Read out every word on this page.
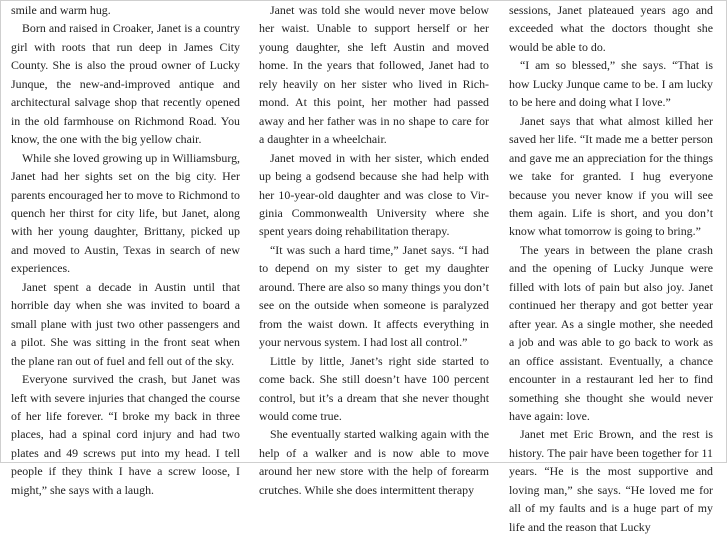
smile and warm hug.

Born and raised in Croaker, Janet is a country girl with roots that run deep in James City County. She is also the proud owner of Lucky Junque, the new-and-improved antique and architectural salvage shop that recently opened in the old farmhouse on Richmond Road. You know, the one with the big yellow chair.

While she loved growing up in Williamsburg, Janet had her sights set on the big city. Her parents encouraged her to move to Richmond to quench her thirst for city life, but Janet, along with her young daughter, Brittany, picked up and moved to Austin, Texas in search of new experiences.

Janet spent a decade in Austin until that horrible day when she was invited to board a small plane with just two other passengers and a pilot. She was sitting in the front seat when the plane ran out of fuel and fell out of the sky.

Everyone survived the crash, but Janet was left with severe injuries that changed the course of her life forever. “I broke my back in three places, had a spinal cord injury and had two plates and 49 screws put into my head. I tell people if they think I have a screw loose, I might,” she says with a laugh.

Janet was told she would never move below her waist. Unable to support herself or her young daughter, she left Austin and moved home. In the years that followed, Janet had to rely heavily on her sister who lived in Richmond. At this point, her mother had passed away and her father was in no shape to care for a daughter in a wheelchair.

Janet moved in with her sister, which ended up being a godsend because she had help with her 10-year-old daughter and was close to Virginia Commonwealth University where she spent years doing rehabilitation therapy.

“It was such a hard time,” Janet says. “I had to depend on my sister to get my daughter around. There are also so many things you don’t see on the outside when someone is paralyzed from the waist down. It affects everything in your nervous system. I had lost all control.”

Little by little, Janet’s right side started to come back. She still doesn’t have 100 percent control, but it’s a dream that she never thought would come true.

She eventually started walking again with the help of a walker and is now able to move around her new store with the help of forearm crutches. While she does intermittent therapy

sessions, Janet plateaued years ago and exceeded what the doctors thought she would be able to do.

“I am so blessed,” she says. “That is how Lucky Junque came to be. I am lucky to be here and doing what I love.”

Janet says that what almost killed her saved her life. “It made me a better person and gave me an appreciation for the things we take for granted. I hug everyone because you never know if you will see them again. Life is short, and you don’t know what tomorrow is going to bring.”

The years in between the plane crash and the opening of Lucky Junque were filled with lots of pain but also joy. Janet continued her therapy and got better year after year. As a single mother, she needed a job and was able to go back to work as an office assistant. Eventually, a chance encounter in a restaurant led her to find something she thought she would never have again: love.

Janet met Eric Brown, and the rest is history. The pair have been together for 11 years. “He is the most supportive and loving man,” she says. “He loved me for all of my faults and is a huge part of my life and the reason that Lucky
